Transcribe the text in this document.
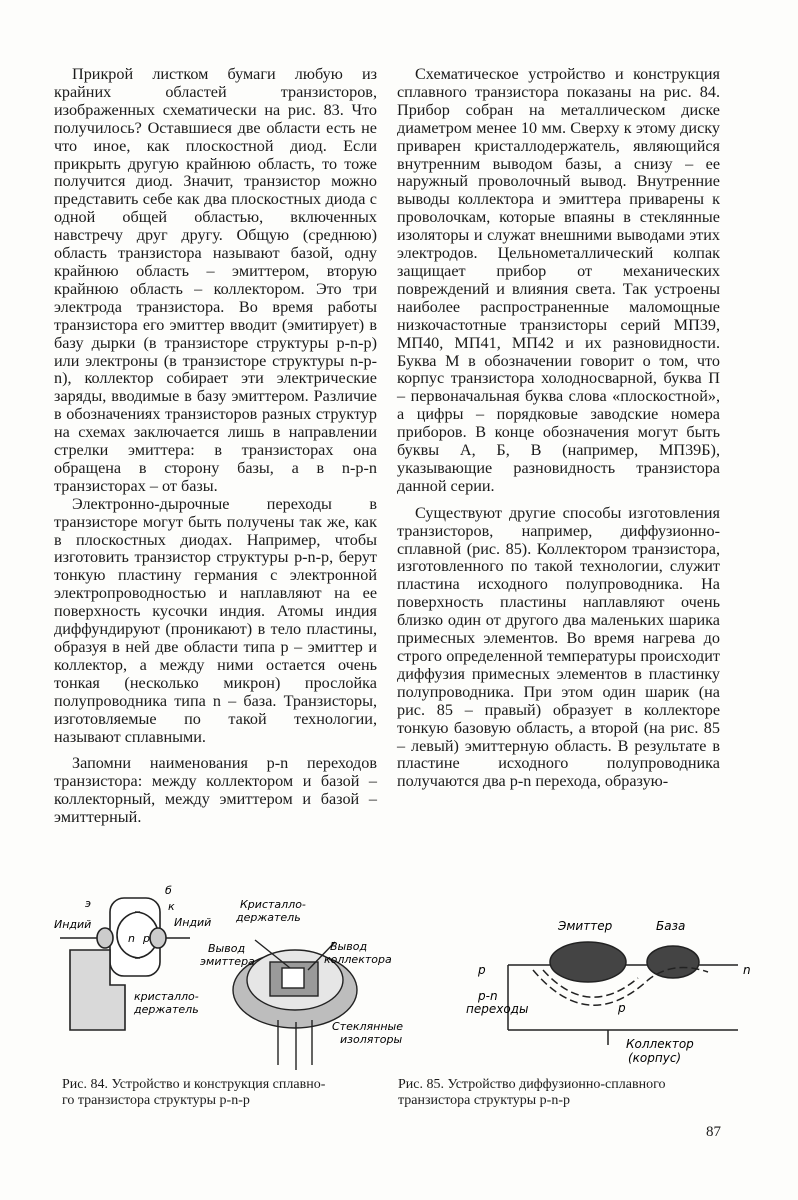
Прикрой листком бумаги любую из крайних областей транзисторов, изображенных схематически на рис. 83. Что получилось? Оставшиеся две области есть не что иное, как плоскостной диод. Если прикрыть другую крайнюю область, то тоже получится диод. Значит, транзистор можно представить себе как два плоскостных диода с одной общей областью, включенных навстречу друг другу. Общую (среднюю) область транзистора называют базой, одну крайнюю область – эмиттером, вторую крайнюю область – коллектором. Это три электрода транзистора. Во время работы транзистора его эмиттер вводит (эмитирует) в базу дырки (в транзисторе структуры p-n-p) или электроны (в транзисторе структуры n-p-n), коллектор собирает эти электрические заряды, вводимые в базу эмиттером. Различие в обозначениях транзисторов разных структур на схемах заключается лишь в направлении стрелки эмиттера: в транзисторах она обращена в сторону базы, а в n-p-n транзисторах – от базы.

Электронно-дырочные переходы в транзисторе могут быть получены так же, как в плоскостных диодах. Например, чтобы изготовить транзистор структуры p-n-p, берут тонкую пластину германия с электронной электропроводностью и наплавляют на ее поверхность кусочки индия. Атомы индия диффундируют (проникают) в тело пластины, образуя в ней две области типа p – эмиттер и коллектор, а между ними остается очень тонкая (несколько микрон) прослойка полупроводника типа n – база. Транзисторы, изготовляемые по такой технологии, называют сплавными.

Запомни наименования p-n переходов транзистора: между коллектором и базой – коллекторный, между эмиттером и базой – эмиттерный.

Схематическое устройство и конструкция сплавного транзистора показаны на рис. 84. Прибор собран на металлическом диске диаметром менее 10 мм. Сверху к этому диску приварен кристаллодержатель, являющийся внутренним выводом базы, а снизу – ее наружный проволочный вывод. Внутренние выводы коллектора и эмиттера приварены к проволочкам, которые впаяны в стеклянные изоляторы и служат внешними выводами этих электродов. Цельнометаллический колпак защищает прибор от механических повреждений и влияния света. Так устроены наиболее распространенные маломощные низкочастотные транзисторы серий МП39, МП40, МП41, МП42 и их разновидности. Буква М в обозначении говорит о том, что корпус транзистора холодносварной, буква П – первоначальная буква слова «плоскостной», а цифры – порядковые заводские номера приборов. В конце обозначения могут быть буквы А, Б, В (например, МП39Б), указывающие разновидность транзистора данной серии.

Существуют другие способы изготовления транзисторов, например, диффузионно-сплавной (рис. 85). Коллектором транзистора, изготовленного по такой технологии, служит пластина исходного полупроводника. На поверхность пластины наплавляют очень близко один от другого два маленьких шарика примесных элементов. Во время нагрева до строго определенной температуры происходит диффузия примесных элементов в пластинку полупроводника. При этом один шарик (на рис. 85 – правый) образует в коллекторе тонкую базовую область, а второй (на рис. 85 – левый) эмиттерную область. В результате в пластине исходного полупроводника получаются два p-n перехода, образую-

э
б
к
Индий	Индий
n p
кристалло-
держатель
Кристалло-
держатель
Вывод
эмиттера
Вывод
коллектора
Стеклянные
изоляторы
Рис. 84. Устройство и конструкция сплавно-
го транзистора структуры p-n-p
Эмиттер	База
p	n
p-n
переходы	p
Коллектор
(корпус)
Рис. 85. Устройство диффузионно-сплавного
транзистора структуры p-n-p
87
